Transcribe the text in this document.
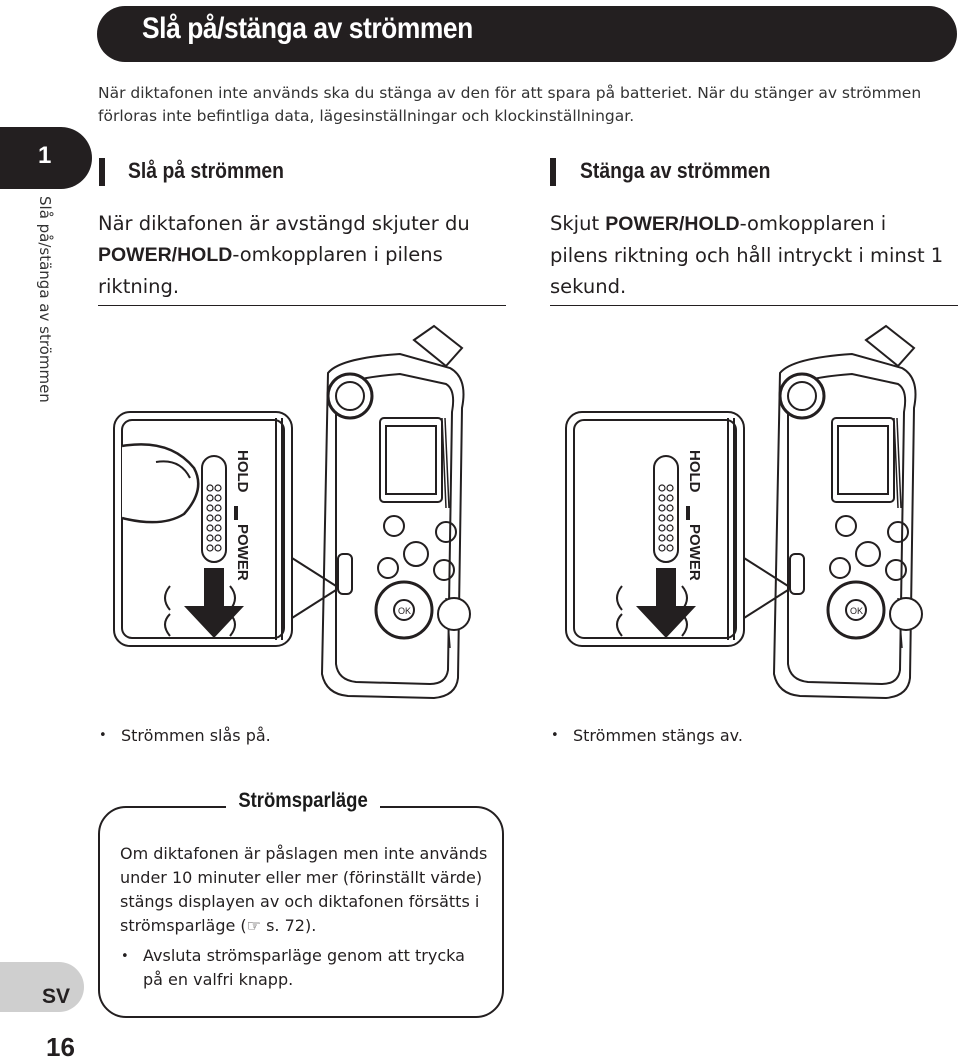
Slå på/stänga av strömmen
När diktafonen inte används ska du stänga av den för att spara på batteriet. När du stänger av strömmen förloras inte befintliga data, lägesinställningar och klockinställningar.
1
Slå på/stänga av strömmen
Slå på strömmen
När diktafonen är avstängd skjuter du POWER/HOLD-omkopplaren i pilens riktning.
Stänga av strömmen
Skjut POWER/HOLD-omkopplaren i pilens riktning och håll intryckt i minst 1 sekund.
HOLD
POWER
OK
HOLD
POWER
OK
• Strömmen slås på.
•	Strömmen stängs av.
Strömsparläge
Om diktafonen är påslagen men inte används under 10 minuter eller mer (förinställt värde) stängs displayen av och diktafonen försätts i strömsparläge (☞ s. 72).
• Avsluta strömsparläge genom att trycka på en valfri knapp.
SV
16
